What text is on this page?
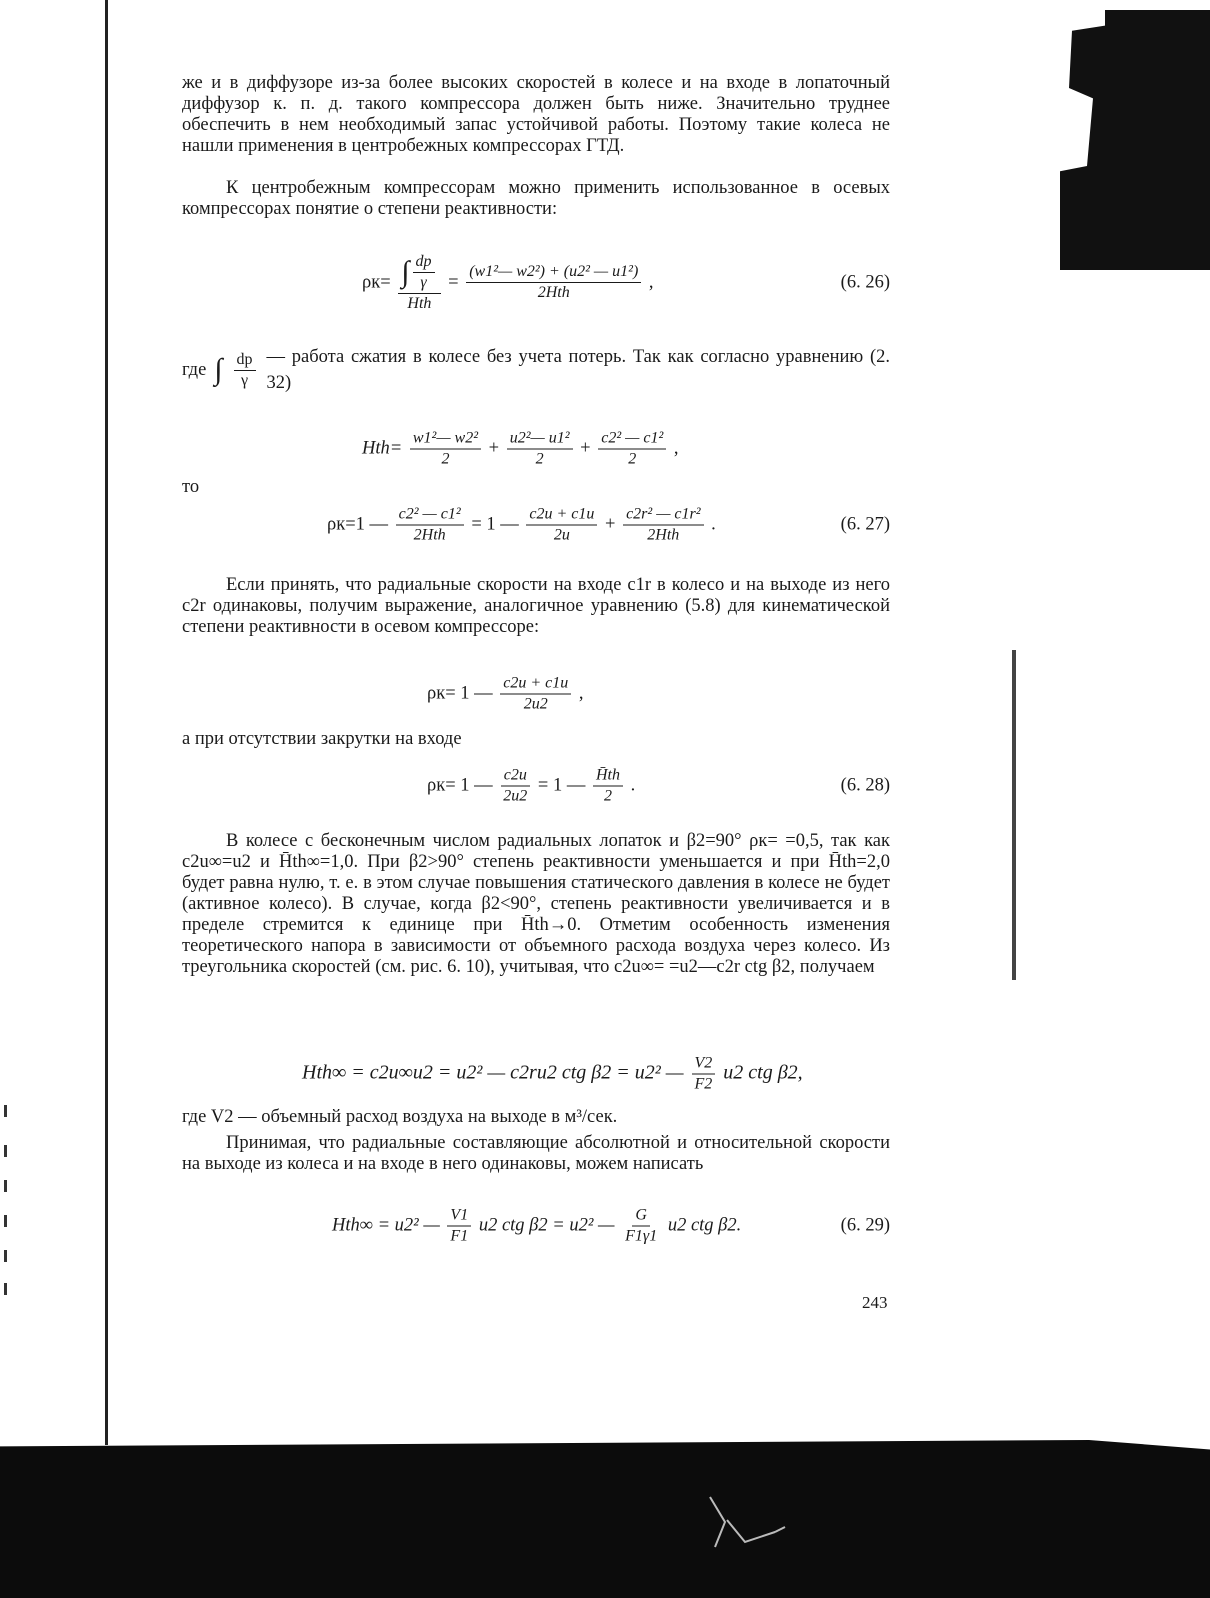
же и в диффузоре из-за более высоких скоростей в колесе и на входе в лопаточный диффузор к. п. д. такого компрессора должен быть ниже. Значительно труднее обеспечить в нем необходимый запас устойчивой работы. Поэтому такие колеса не нашли применения в центробежных компрессорах ГТД.

К центробежным компрессорам можно применить использованное в осевых компрессорах понятие о степени реактивности:

$\rho к= \frac{\int \frac{dp}{\gamma}}{\text{Hth}} = \frac{\text{(w1²— w2²) + (u2² — u1²)}}{\text{2Hth}}$ ,	(6. 26)
где ∫ $\frac{dp}{\gamma}$ — работа сжатия в колесе без учета потерь. Так как согласно уравнению (2. 32)
$Hth= \frac{\text{w1²— w2²}}{2} + \frac{\text{u2²— u1²}}{2} + \frac{\text{c2² — c1²}}{2}$ ,

то

ρк=1 — $\frac{\text{c2² — c1²}}{\text{2Hth}} = 1$ — $\frac{c2u + c1u}{2u} + \frac{\text{c2r² — c1r²}}{\text{2Hth}}$ .	(6. 27)

Если принять, что радиальные скорости на входе c1r в колесо и на выходе из него c2r одинаковы, получим выражение, аналогичное уравнению (5.8) для кинематической степени реактивности в осевом компрессоре:

ρк= 1 — $\frac{c2u + c1u}{2u2}$ ,

а при отсутствии закрутки на входе

ρк= 1 — $\frac{c2u}{2u2} = 1$ — $\frac{H̄th}{2}$ .	(6. 28)

В колесе с бесконечным числом радиальных лопаток и β2=90° ρк= =0,5, так как c2u∞=u2 и H̄th∞=1,0. При β2>90° степень реактивности уменьшается и при H̄th=2,0 будет равна нулю, т. е. в этом случае повышения статического давления в колесе не будет (активное колесо). В случае, когда β2<90°, степень реактивности увеличивается и в пределе стремится к единице при H̄th→0. Отметим особенность изменения теоретического напора в зависимости от объемного расхода воздуха через колесо. Из треугольника скоростей (см. рис. 6. 10), учитывая, что c2u∞= =u2—c2r ctg β2, получаем

Hth∞ = c2u∞u2 = u2² — c2ru2 ctg β2 = u2² — $\frac{V2}{F2} u2$ ctg β2,

где V2 — объемный расход воздуха на выходе в м³/сек.

Принимая, что радиальные составляющие абсолютной и относительной скорости на выходе из колеса и на входе в него одинаковы, можем написать

Hth∞ = u2² — $\frac{V1}{F1} u2$ ctg β2 = u2² — $\frac{G}{F1\gamma 1} u2$ ctg β2.	(6. 29)
243
